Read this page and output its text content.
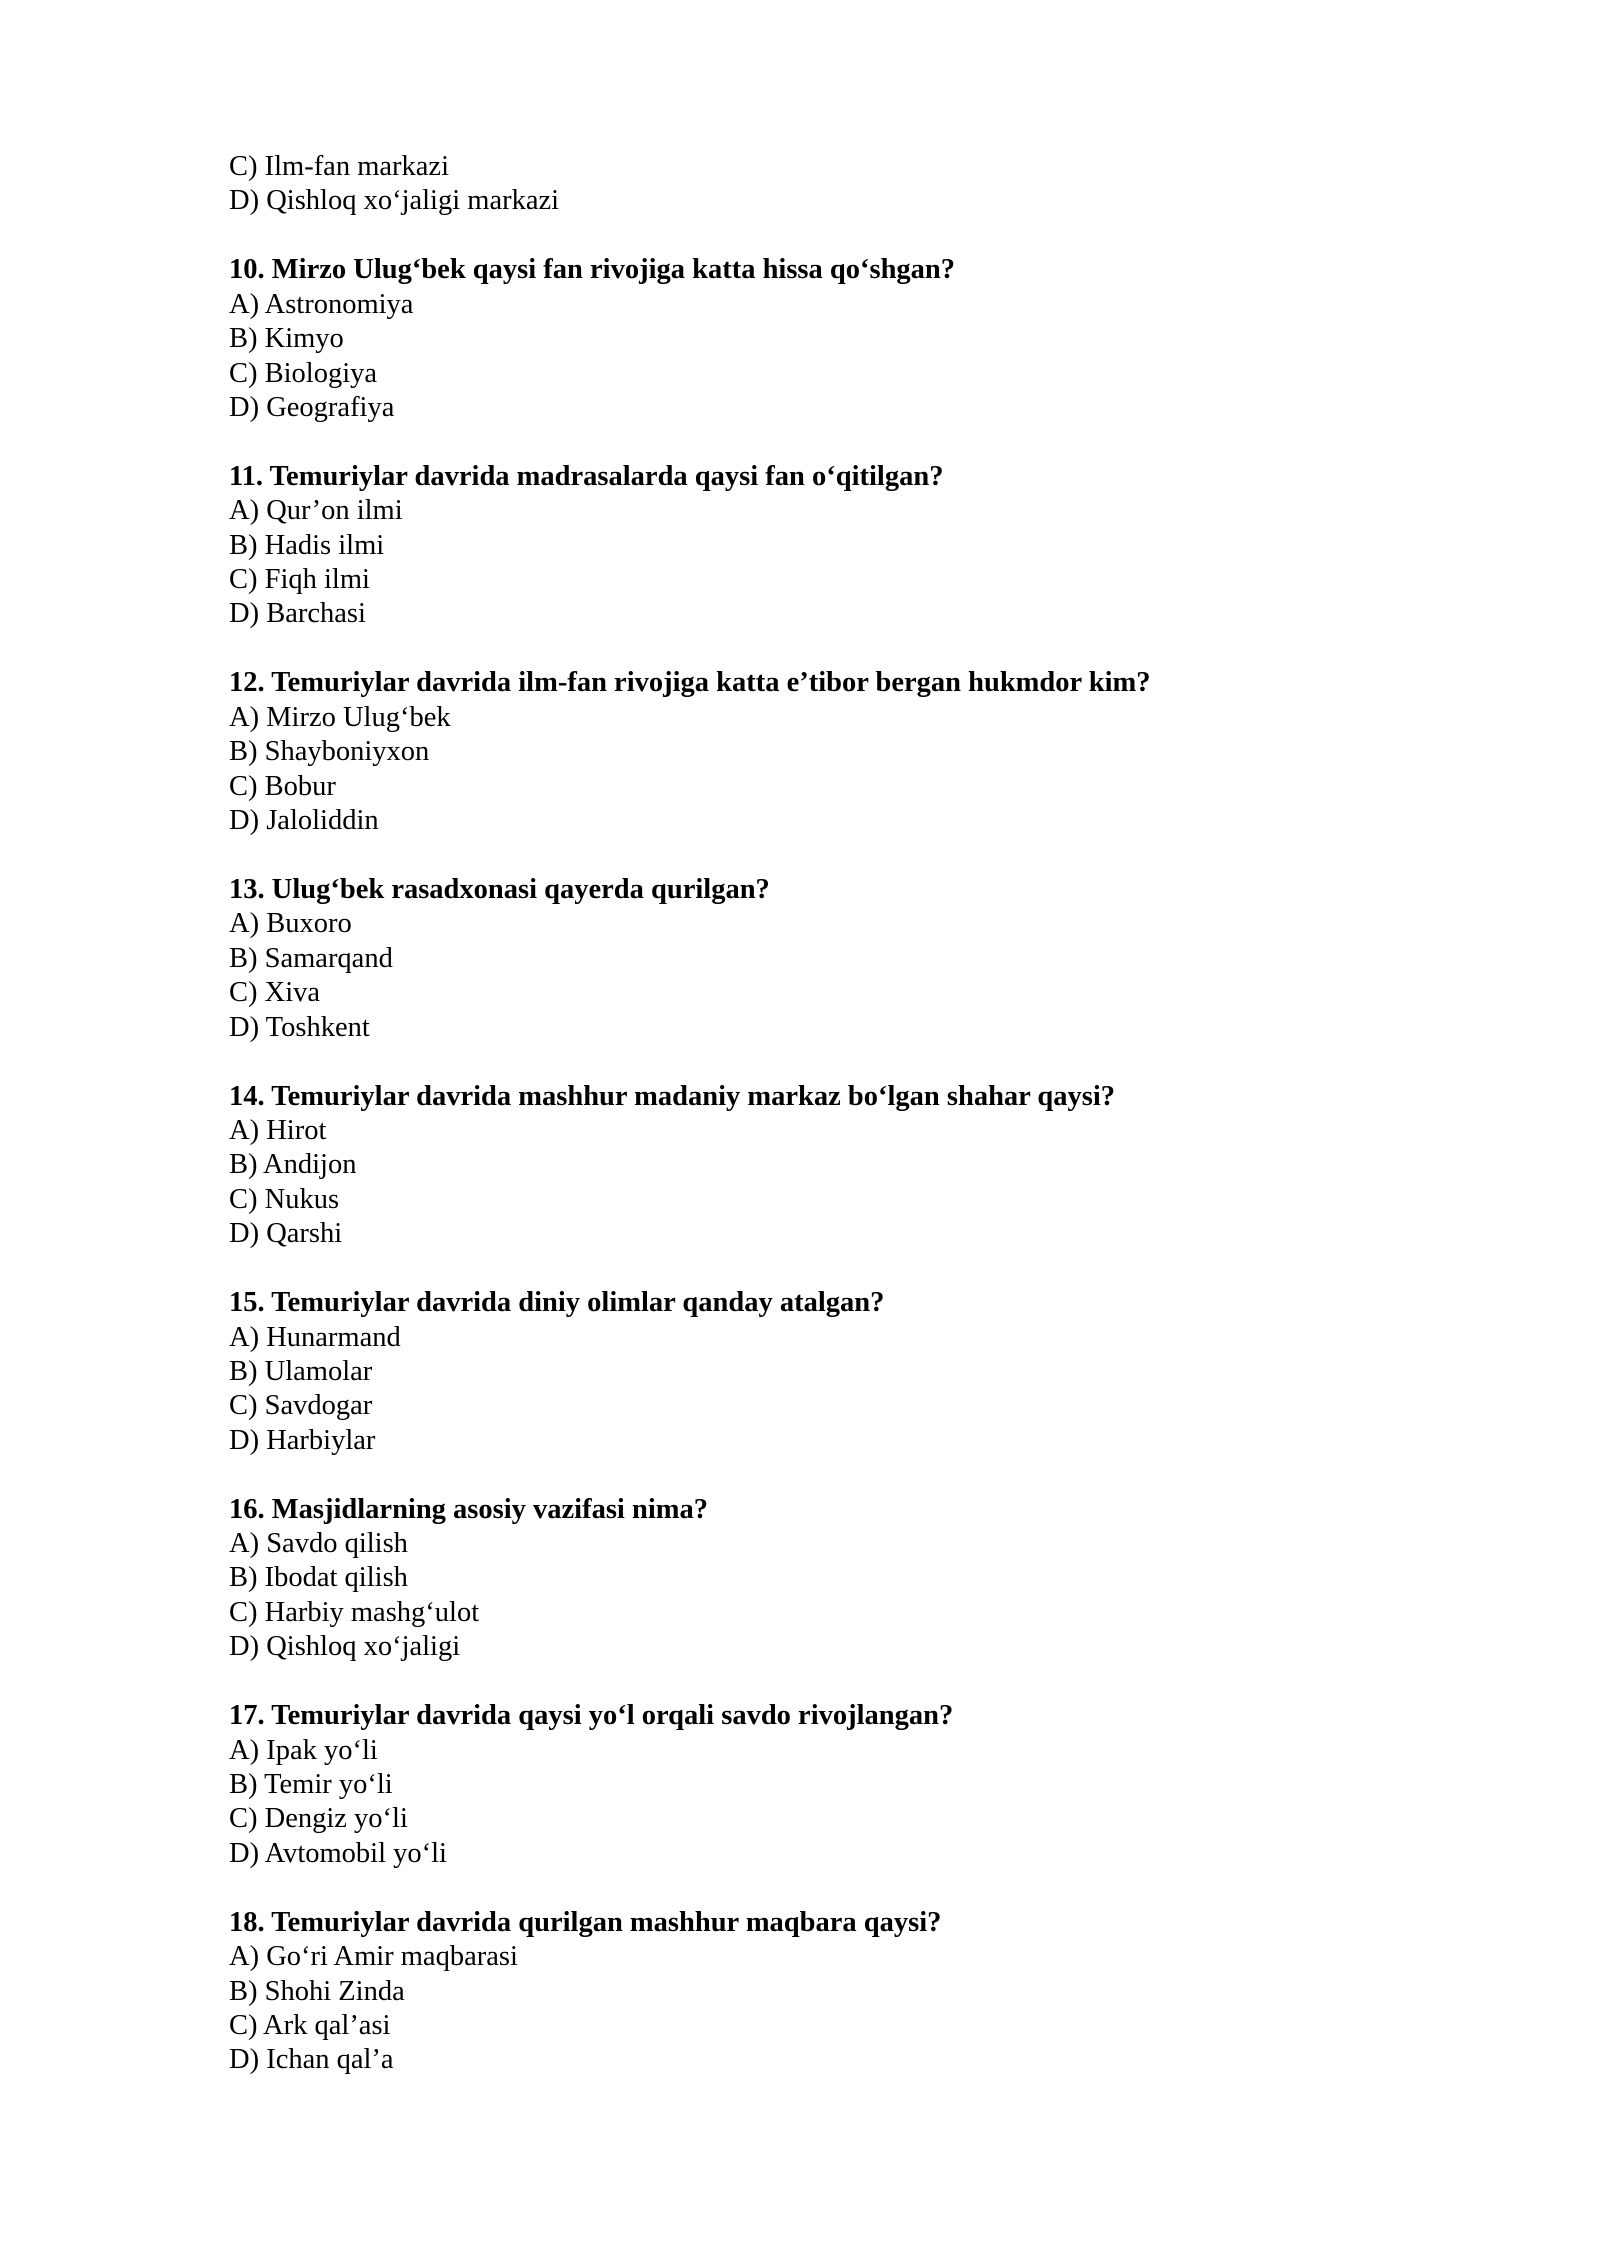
C) Ilm-fan markazi
D) Qishloq xo‘jaligi markazi
10. Mirzo Ulug‘bek qaysi fan rivojiga katta hissa qo‘shgan?
A) Astronomiya
B) Kimyo
C) Biologiya
D) Geografiya
11. Temuriylar davrida madrasalarda qaysi fan o‘qitilgan?
A) Qur’on ilmi
B) Hadis ilmi
C) Fiqh ilmi
D) Barchasi
12. Temuriylar davrida ilm-fan rivojiga katta e’tibor bergan hukmdor kim?
A) Mirzo Ulug‘bek
B) Shayboniyxon
C) Bobur
D) Jaloliddin
13. Ulug‘bek rasadxonasi qayerda qurilgan?
A) Buxoro
B) Samarqand
C) Xiva
D) Toshkent
14. Temuriylar davrida mashhur madaniy markaz bo‘lgan shahar qaysi?
A) Hirot
B) Andijon
C) Nukus
D) Qarshi
15. Temuriylar davrida diniy olimlar qanday atalgan?
A) Hunarmand
B) Ulamolar
C) Savdogar
D) Harbiylar
16. Masjidlarning asosiy vazifasi nima?
A) Savdo qilish
B) Ibodat qilish
C) Harbiy mashg‘ulot
D) Qishloq xo‘jaligi
17. Temuriylar davrida qaysi yo‘l orqali savdo rivojlangan?
A) Ipak yo‘li
B) Temir yo‘li
C) Dengiz yo‘li
D) Avtomobil yo‘li
18. Temuriylar davrida qurilgan mashhur maqbara qaysi?
A) Go‘ri Amir maqbarasi
B) Shohi Zinda
C) Ark qal’asi
D) Ichan qal’a
